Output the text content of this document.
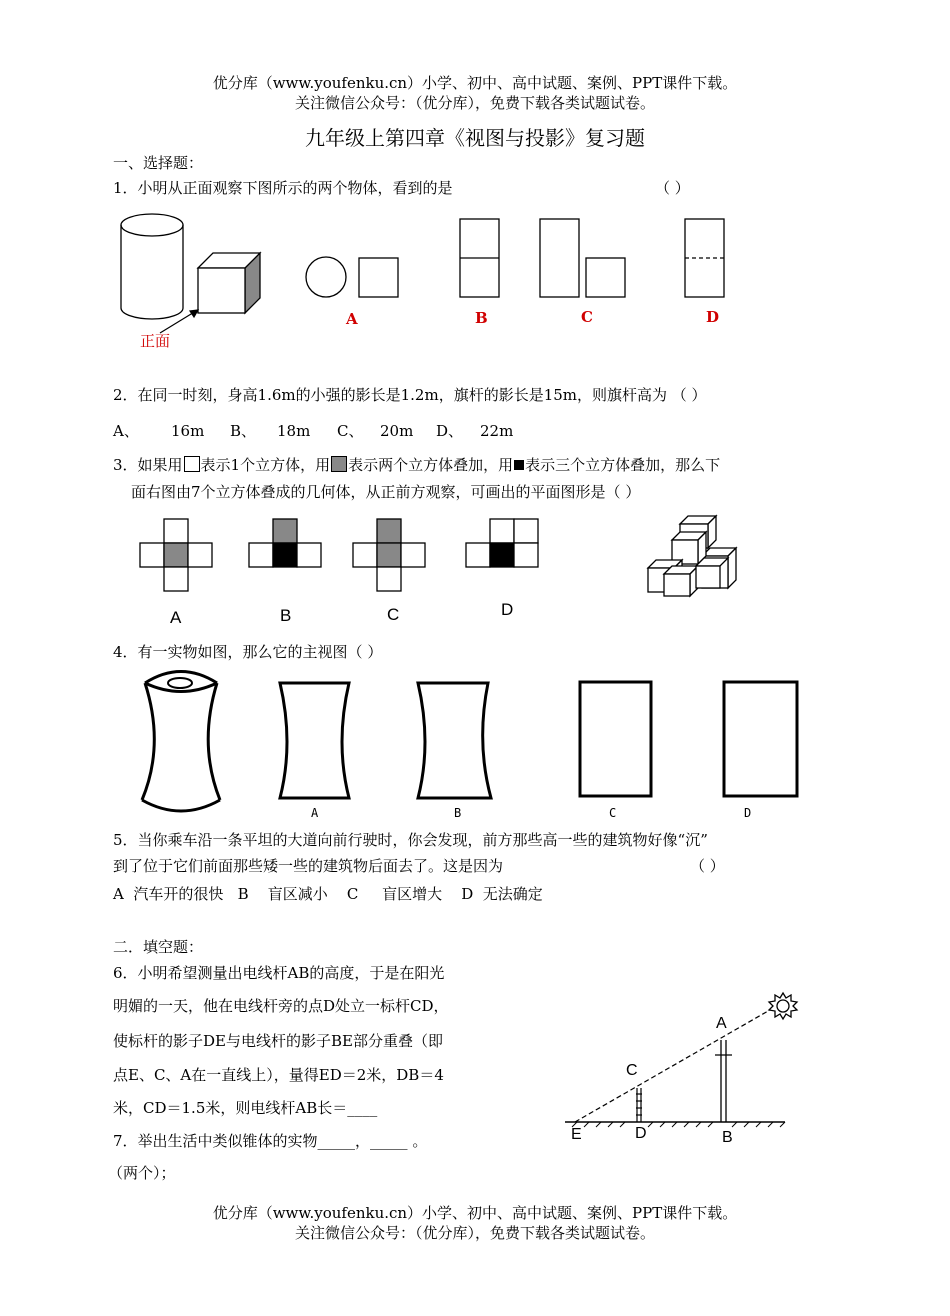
优分库（www.youfenku.cn）小学、初中、高中试题、案例、PPT课件下载。
关注微信公众号：（优分库），免费下载各类试题试卷。
九年级上第四章《视图与投影》复习题
一、选择题：
1．小明从正面观察下图所示的两个物体，看到的是	（ ）
正面
A	B	C	D
2．在同一时刻，身高1.6m的小强的影长是1.2m，旗杆的影长是15m，则旗杆高为 （ ）
A、 16m B、 18m C、 20m D、 22m
3．如果用 表示1个立方体，用 表示两个立方体叠加，用 表示三个立方体叠加，那么下
面右图由7个立方体叠成的几何体，从正前方观察，可画出的平面图形是（ ）
A	B	C	D
4．有一实物如图，那么它的主视图（ ）
A	B	C	D
5．当你乘车沿一条平坦的大道向前行驶时，你会发现，前方那些高一些的建筑物好像“沉”
到了位于它们前面那些矮一些的建筑物后面去了。这是因为	（ ）
A  汽车开的很快   B    盲区减小    C     盲区增大    D  无法确定
二．填空题：
6．小明希望测量出电线杆AB的高度，于是在阳光
明媚的一天，他在电线杆旁的点D处立一标杆CD，
使标杆的影子DE与电线杆的影子BE部分重叠（即
点E、C、A在一直线上），量得ED＝2米，DB＝4
米，CD＝1.5米，则电线杆AB长＝____
A
C
E	D	B
7．举出生活中类似锥体的实物_____，_____ 。
（两个）；
优分库（www.youfenku.cn）小学、初中、高中试题、案例、PPT课件下载。
关注微信公众号：（优分库），免费下载各类试题试卷。
